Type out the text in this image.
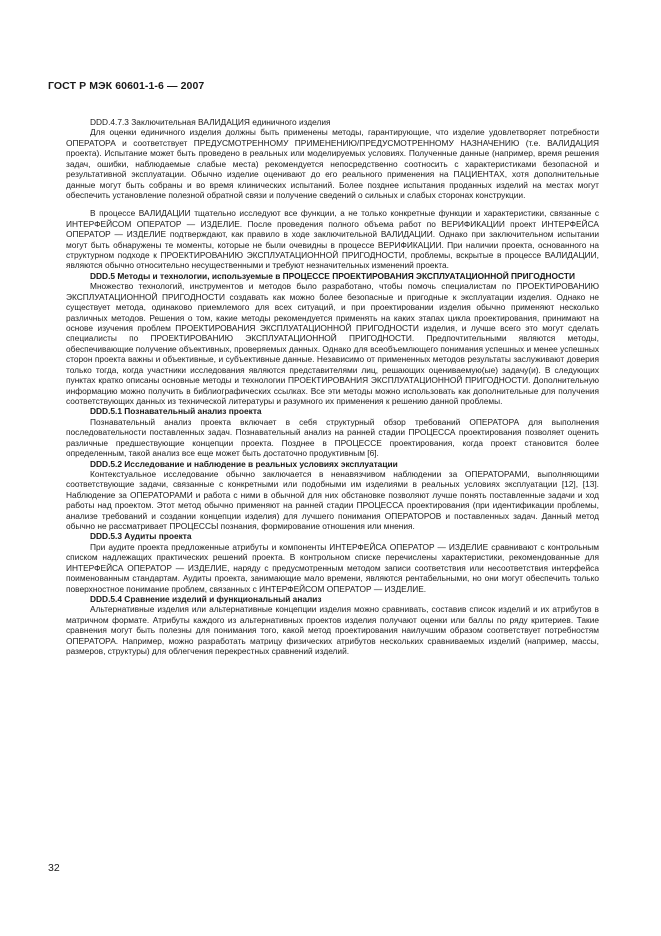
ГОСТ Р МЭК 60601-1-6 — 2007

DDD.4.7.3 Заключительная ВАЛИДАЦИЯ единичного изделия

Для оценки единичного изделия должны быть применены методы, гарантирующие, что изделие удовлетворяет потребности ОПЕРАТОРА и соответствует ПРЕДУСМОТРЕННОМУ ПРИМЕНЕНИЮ/ПРЕДУСМОТРЕННОМУ НАЗНАЧЕНИЮ (т.е. ВАЛИДАЦИЯ проекта). Испытание может быть проведено в реальных или моделируемых условиях. Полученные данные (например, время решения задач, ошибки, наблюдаемые слабые места) рекомендуется непосредственно соотносить с характеристиками безопасной и результативной эксплуатации. Обычно изделие оценивают до его реального применения на ПАЦИЕНТАХ, хотя дополнительные данные могут быть собраны и во время клинических испытаний. Более позднее испытания проданных изделий на местах могут обеспечить установление полезной обратной связи и получение сведений о сильных и слабых сторонах конструкции.

В процессе ВАЛИДАЦИИ тщательно исследуют все функции, а не только конкретные функции и характеристики, связанные с ИНТЕРФЕЙСОМ ОПЕРАТОР — ИЗДЕЛИЕ. После проведения полного объема работ по ВЕРИФИКАЦИИ проект ИНТЕРФЕЙСА ОПЕРАТОР — ИЗДЕЛИЕ подтверждают, как правило в ходе заключительной ВАЛИДАЦИИ. Однако при заключительном испытании могут быть обнаружены те моменты, которые не были очевидны в процессе ВЕРИФИКАЦИИ. При наличии проекта, основанного на структурном подходе к ПРОЕКТИРОВАНИЮ ЭКСПЛУАТАЦИОННОЙ ПРИГОДНОСТИ, проблемы, вскрытые в процессе ВАЛИДАЦИИ, являются обычно относительно несущественными и требуют незначительных изменений проекта.

DDD.5 Методы и технологии, используемые в ПРОЦЕССЕ ПРОЕКТИРОВАНИЯ ЭКСПЛУАТАЦИОННОЙ ПРИГОДНОСТИ

Множество технологий, инструментов и методов было разработано, чтобы помочь специалистам по ПРОЕКТИРОВАНИЮ ЭКСПЛУАТАЦИОННОЙ ПРИГОДНОСТИ создавать как можно более безопасные и пригодные к эксплуатации изделия. Однако не существует метода, одинаково приемлемого для всех ситуаций, и при проектировании изделия обычно применяют несколько различных методов. Решения о том, какие методы рекомендуется применять на каких этапах цикла проектирования, принимают на основе изучения проблем ПРОЕКТИРОВАНИЯ ЭКСПЛУАТАЦИОННОЙ ПРИГОДНОСТИ изделия, и лучше всего это могут сделать специалисты по ПРОЕКТИРОВАНИЮ ЭКСПЛУАТАЦИОННОЙ ПРИГОДНОСТИ. Предпочтительными являются методы, обеспечивающие получение объективных, проверяемых данных. Однако для всеобъемлющего понимания успешных и менее успешных сторон проекта важны и объективные, и субъективные данные. Независимо от примененных методов результаты заслуживают доверия только тогда, когда участники исследования являются представителями лиц, решающих оцениваемую(ые) задачу(и). В следующих пунктах кратко описаны основные методы и технологии ПРОЕКТИРОВАНИЯ ЭКСПЛУАТАЦИОННОЙ ПРИГОДНОСТИ. Дополнительную информацию можно получить в библиографических ссылках. Все эти методы можно использовать как дополнительные для получения соответствующих данных из технической литературы и разумного их применения к решению данной проблемы.

DDD.5.1 Познавательный анализ проекта

Познавательный анализ проекта включает в себя структурный обзор требований ОПЕРАТОРА для выполнения последовательности поставленных задач. Познавательный анализ на ранней стадии ПРОЦЕССА проектирования позволяет оценить различные предшествующие концепции проекта. Позднее в ПРОЦЕССЕ проектирования, когда проект становится более определенным, такой анализ все еще может быть достаточно продуктивным [6].

DDD.5.2 Исследование и наблюдение в реальных условиях эксплуатации

Контекстуальное исследование обычно заключается в ненавязчивом наблюдении за ОПЕРАТОРАМИ, выполняющими соответствующие задачи, связанные с конкретными или подобными им изделиями в реальных условиях эксплуатации [12], [13]. Наблюдение за ОПЕРАТОРАМИ и работа с ними в обычной для них обстановке позволяют лучше понять поставленные задачи и ход работы над проектом. Этот метод обычно применяют на ранней стадии ПРОЦЕССА проектирования (при идентификации проблемы, анализе требований и создании концепции изделия) для лучшего понимания ОПЕРАТОРОВ и поставленных задач. Данный метод обычно не рассматривает ПРОЦЕССЫ познания, формирование отношения или мнения.

DDD.5.3 Аудиты проекта

При аудите проекта предложенные атрибуты и компоненты ИНТЕРФЕЙСА ОПЕРАТОР — ИЗДЕЛИЕ сравнивают с контрольным списком надлежащих практических решений проекта. В контрольном списке перечислены характеристики, рекомендованные для ИНТЕРФЕЙСА ОПЕРАТОР — ИЗДЕЛИЕ, наряду с предусмотренным методом записи соответствия или несоответствия интерфейса поименованным стандартам. Аудиты проекта, занимающие мало времени, являются рентабельными, но они могут обеспечить только поверхностное понимание проблем, связанных с ИНТЕРФЕЙСОМ ОПЕРАТОР — ИЗДЕЛИЕ.

DDD.5.4 Сравнение изделий и функциональный анализ

Альтернативные изделия или альтернативные концепции изделия можно сравнивать, составив список изделий и их атрибутов в матричном формате. Атрибуты каждого из альтернативных проектов изделия получают оценки или баллы по ряду критериев. Такие сравнения могут быть полезны для понимания того, какой метод проектирования наилучшим образом соответствует потребностям ОПЕРАТОРА. Например, можно разработать матрицу физических атрибутов нескольких сравниваемых изделий (например, массы, размеров, структуры) для облегчения перекрестных сравнений изделий.

32
